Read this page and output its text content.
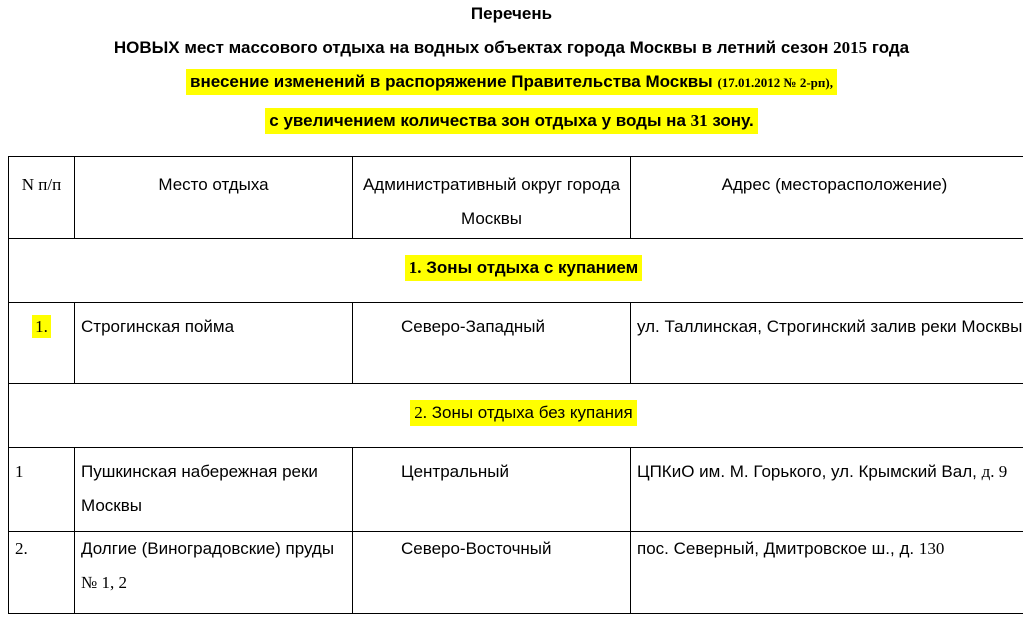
Перечень
НОВЫХ мест массового отдыха на водных объектах города Москвы в летний сезон 2015 года
внесение изменений в распоряжение Правительства Москвы (17.01.2012 № 2-рп),
с увеличением количества зон отдыха у воды на 31 зону.
N п/п	Место отдыха	Административный округ города Москвы	Адрес (месторасположение)
1. Зоны отдыха с купанием			
1.	Строгинская пойма	Северо-Западный	ул. Таллинская, Строгинский залив реки Москвы
2. Зоны отдыха без купания			
1	Пушкинская набережная реки Москвы	Центральный	ЦПКиО им. М. Горького, ул. Крымский Вал, д. 9
2.	Долгие (Виноградовские) пруды   № 1, 2	Северо-Восточный	пос. Северный, Дмитровское ш., д. 130
